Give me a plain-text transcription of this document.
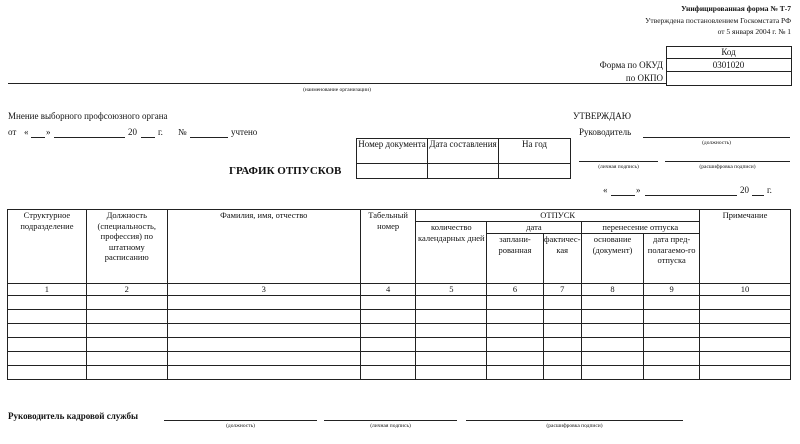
Унифицированная форма № Т-7
Утверждена постановлением Госкомстата РФ
от 5 января 2004 г. № 1
Код
0301020
Форма по ОКУД
по ОКПО
(наименование организации)
Мнение выборного профсоюзного органа
от « »	20 г. №	учтено
УТВЕРЖДАЮ
Руководитель
(должность)
(личная подпись)	(расшифровка подписи)
«	»	20 г.
Номер документа	Дата составления	На год

ГРАФИК ОТПУСКОВ
Структурное подразделение	Должность (специальность, профессия) по штатному расписанию	Фамилия, имя, отчество	Табельный номер	ОТПУСК					Примечание
				количество календарных дней	дата		перенесение отпуска		
					заплани-рованная	фактичес-кая	основание (документ)	дата пред-полагаемо-го отпуска	
1	2	3	4	5	6	7	8	9	10

Руководитель кадровой службы
(должность)	(личная подпись)	(расшифровка подписи)
